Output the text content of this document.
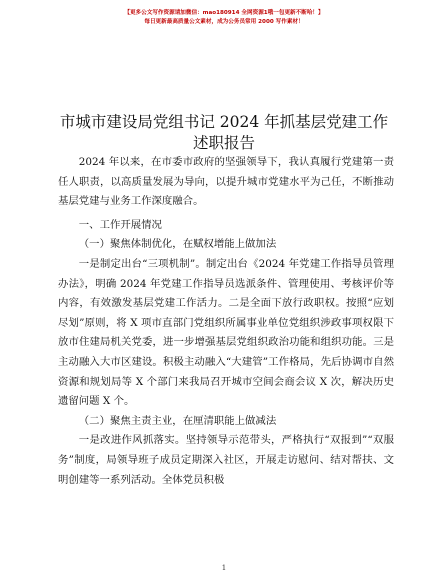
【更多公文写作资源请加微信：mao180914 全网资源1哦一包更新不断哈！】
每日更新最高质量公文素材，成为公务员常用 2000 写作素材！
市城市建设局党组书记 2024 年抓基层党建工作
述职报告

2024 年以来，在市委市政府的坚强领导下，我认真履行党建第一责任人职责，以高质量发展为导向，以提升城市党建水平为己任，不断推动基层党建与业务工作深度融合。

一、工作开展情况

（一）聚焦体制优化，在赋权增能上做加法

一是制定出台“三项机制”。制定出台《2024 年党建工作指导员管理办法》，明确 2024 年党建工作指导员选派条件、管理使用、考核评价等内容，有效激发基层党建工作活力。二是全面下放行政职权。按照“应划尽划”原则，将 X 项市直部门党组织所属事业单位党组织涉政事项权限下放市住建局机关党委，进一步增强基层党组织政治功能和组织功能。三是主动融入大市区建设。积极主动融入“大建管”工作格局，先后协调市自然资源和规划局等 X 个部门来我局召开城市空间会商会议 X 次，解决历史遗留问题 X 个。

（二）聚焦主责主业，在厘清职能上做减法

一是改进作风抓落实。坚持领导示范带头，严格执行“双报到”“双服务”制度，局领导班子成员定期深入社区，开展走访慰问、结对帮扶、文明创建等一系列活动。全体党员积极

1
